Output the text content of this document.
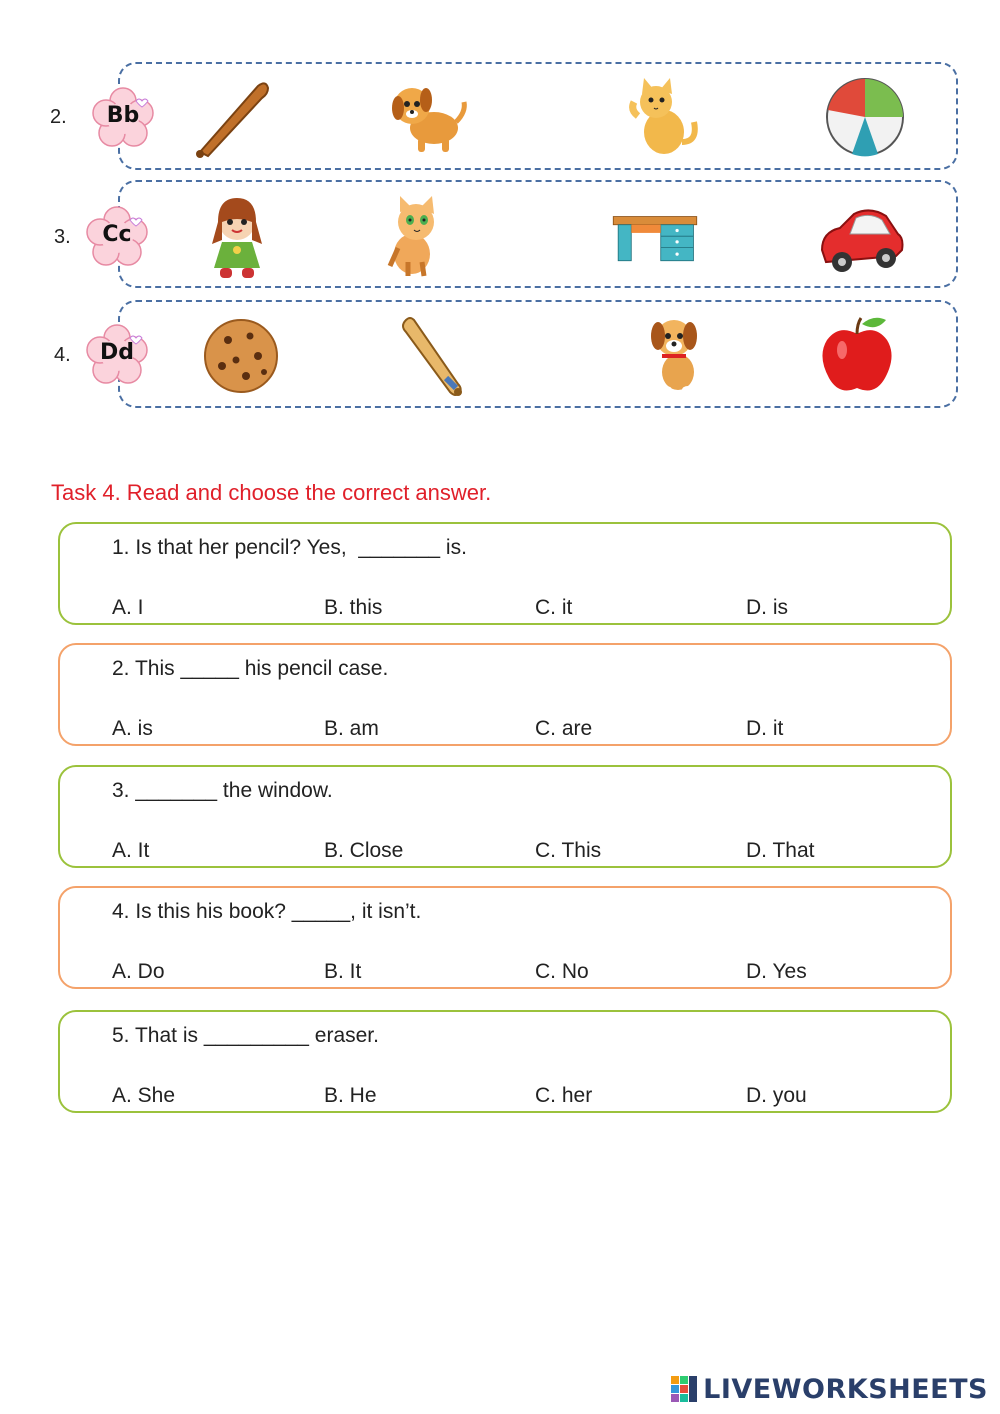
2.	Bb
3.	Cc
4.	Dd
Task 4. Read and choose the correct answer.
1. Is that her pencil? Yes,  _______ is.
A. I	B. this	C. it	D. is
2. This _____ his pencil case.
A. is	B. am	C. are	D. it
3. _______ the window.
A. It	B. Close	C. This	D. That
4. Is this his book? _____, it isn’t.
A. Do	B. It	C. No	D. Yes
5. That is _________ eraser.
A. She	B. He	C. her	D. you
LIVEWORKSHEETS
